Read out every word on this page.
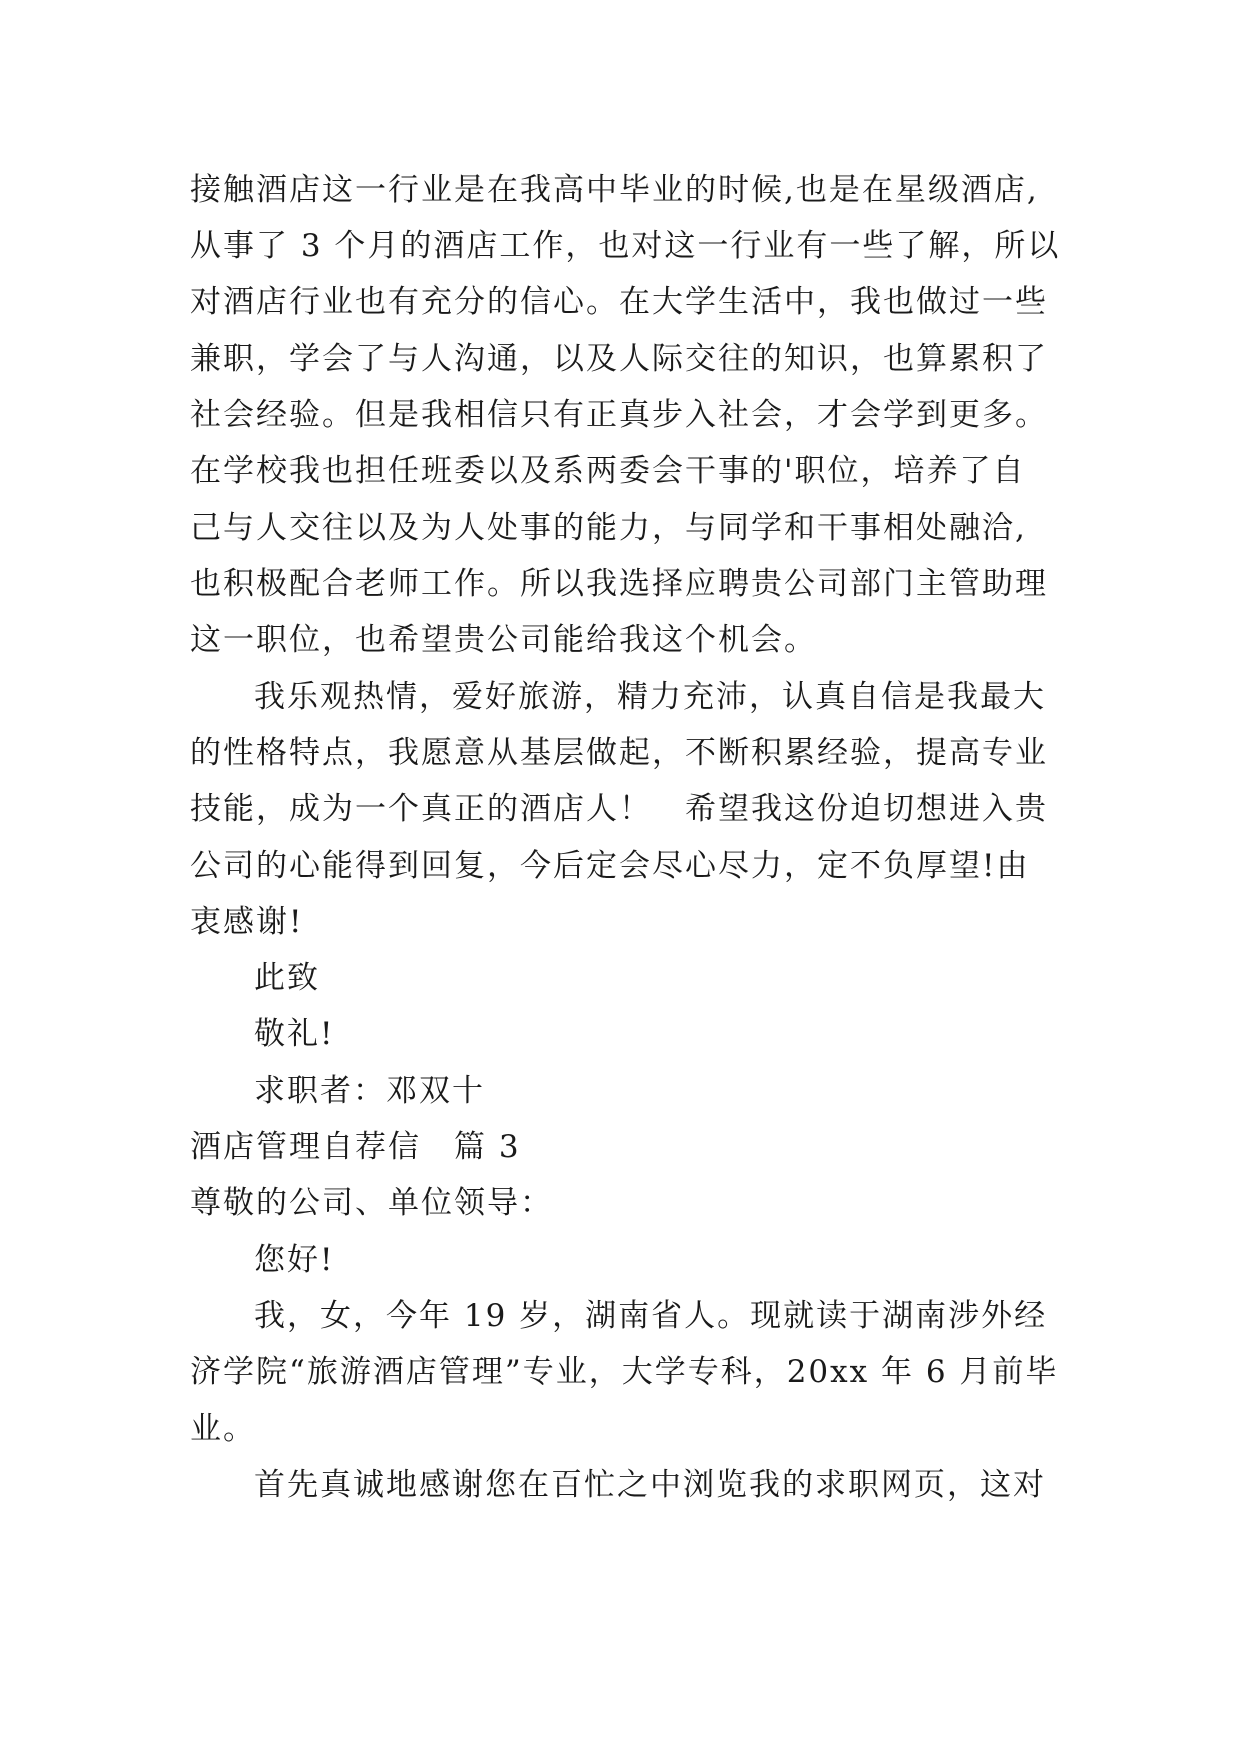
接触酒店这一行业是在我高中毕业的时候,也是在星级酒店,

从事了 3 个月的酒店工作，也对这一行业有一些了解，所以

对酒店行业也有充分的信心。在大学生活中，我也做过一些

兼职，学会了与人沟通，以及人际交往的知识，也算累积了

社会经验。但是我相信只有正真步入社会，才会学到更多。

在学校我也担任班委以及系两委会干事的'职位，培养了自

己与人交往以及为人处事的能力，与同学和干事相处融洽,

也积极配合老师工作。所以我选择应聘贵公司部门主管助理

这一职位，也希望贵公司能给我这个机会。

我乐观热情，爱好旅游，精力充沛，认真自信是我最大

的性格特点，我愿意从基层做起，不断积累经验，提高专业

技能，成为一个真正的酒店人！　希望我这份迫切想进入贵

公司的心能得到回复，今后定会尽心尽力，定不负厚望!由

衷感谢!

此致

敬礼!

求职者：邓双十

酒店管理自荐信　篇 3

尊敬的公司、单位领导：

您好!

我，女，今年 19 岁，湖南省人。现就读于湖南涉外经

济学院“旅游酒店管理”专业，大学专科，20xx 年 6 月前毕

业。

首先真诚地感谢您在百忙之中浏览我的求职网页，这对
